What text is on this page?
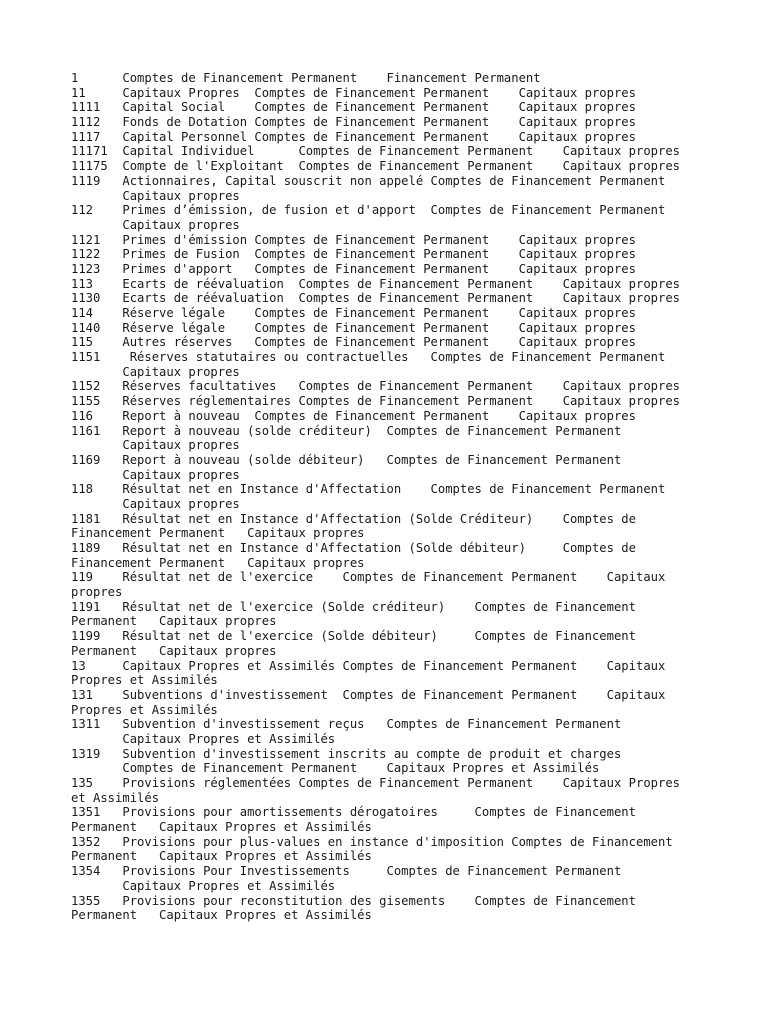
1      Comptes de Financement Permanent    Financement Permanent
11     Capitaux Propres  Comptes de Financement Permanent    Capitaux propres
1111   Capital Social    Comptes de Financement Permanent    Capitaux propres
1112   Fonds de Dotation Comptes de Financement Permanent    Capitaux propres
1117   Capital Personnel Comptes de Financement Permanent    Capitaux propres
11171  Capital Individuel      Comptes de Financement Permanent    Capitaux propres
11175  Compte de l'Exploitant  Comptes de Financement Permanent    Capitaux propres
1119   Actionnaires, Capital souscrit non appelé Comptes de Financement Permanent
Capitaux propres
112    Primes d’émission, de fusion et d'apport  Comptes de Financement Permanent
Capitaux propres
1121   Primes d'émission Comptes de Financement Permanent    Capitaux propres
1122   Primes de Fusion  Comptes de Financement Permanent    Capitaux propres
1123   Primes d'apport   Comptes de Financement Permanent    Capitaux propres
113    Ecarts de réévaluation  Comptes de Financement Permanent    Capitaux propres
1130   Ecarts de réévaluation  Comptes de Financement Permanent    Capitaux propres
114    Réserve légale    Comptes de Financement Permanent    Capitaux propres
1140   Réserve légale    Comptes de Financement Permanent    Capitaux propres
115    Autres réserves   Comptes de Financement Permanent    Capitaux propres
1151    Réserves statutaires ou contractuelles   Comptes de Financement Permanent
Capitaux propres
1152   Réserves facultatives   Comptes de Financement Permanent    Capitaux propres
1155   Réserves réglementaires Comptes de Financement Permanent    Capitaux propres
116    Report à nouveau  Comptes de Financement Permanent    Capitaux propres
1161   Report à nouveau (solde créditeur)  Comptes de Financement Permanent
Capitaux propres
1169   Report à nouveau (solde débiteur)   Comptes de Financement Permanent
Capitaux propres
118    Résultat net en Instance d'Affectation    Comptes de Financement Permanent
Capitaux propres
1181   Résultat net en Instance d'Affectation (Solde Créditeur)    Comptes de
Financement Permanent   Capitaux propres
1189   Résultat net en Instance d'Affectation (Solde débiteur)     Comptes de
Financement Permanent   Capitaux propres
119    Résultat net de l'exercice    Comptes de Financement Permanent    Capitaux
propres
1191   Résultat net de l'exercice (Solde créditeur)    Comptes de Financement
Permanent   Capitaux propres
1199   Résultat net de l'exercice (Solde débiteur)     Comptes de Financement
Permanent   Capitaux propres
13     Capitaux Propres et Assimilés Comptes de Financement Permanent    Capitaux
Propres et Assimilés
131    Subventions d'investissement  Comptes de Financement Permanent    Capitaux
Propres et Assimilés
1311   Subvention d'investissement reçus   Comptes de Financement Permanent
Capitaux Propres et Assimilés
1319   Subvention d'investissement inscrits au compte de produit et charges
Comptes de Financement Permanent    Capitaux Propres et Assimilés
135    Provisions réglementées Comptes de Financement Permanent    Capitaux Propres
et Assimilés
1351   Provisions pour amortissements dérogatoires     Comptes de Financement
Permanent   Capitaux Propres et Assimilés
1352   Provisions pour plus-values en instance d'imposition Comptes de Financement
Permanent   Capitaux Propres et Assimilés
1354   Provisions Pour Investissements     Comptes de Financement Permanent
Capitaux Propres et Assimilés
1355   Provisions pour reconstitution des gisements    Comptes de Financement
Permanent   Capitaux Propres et Assimilés
